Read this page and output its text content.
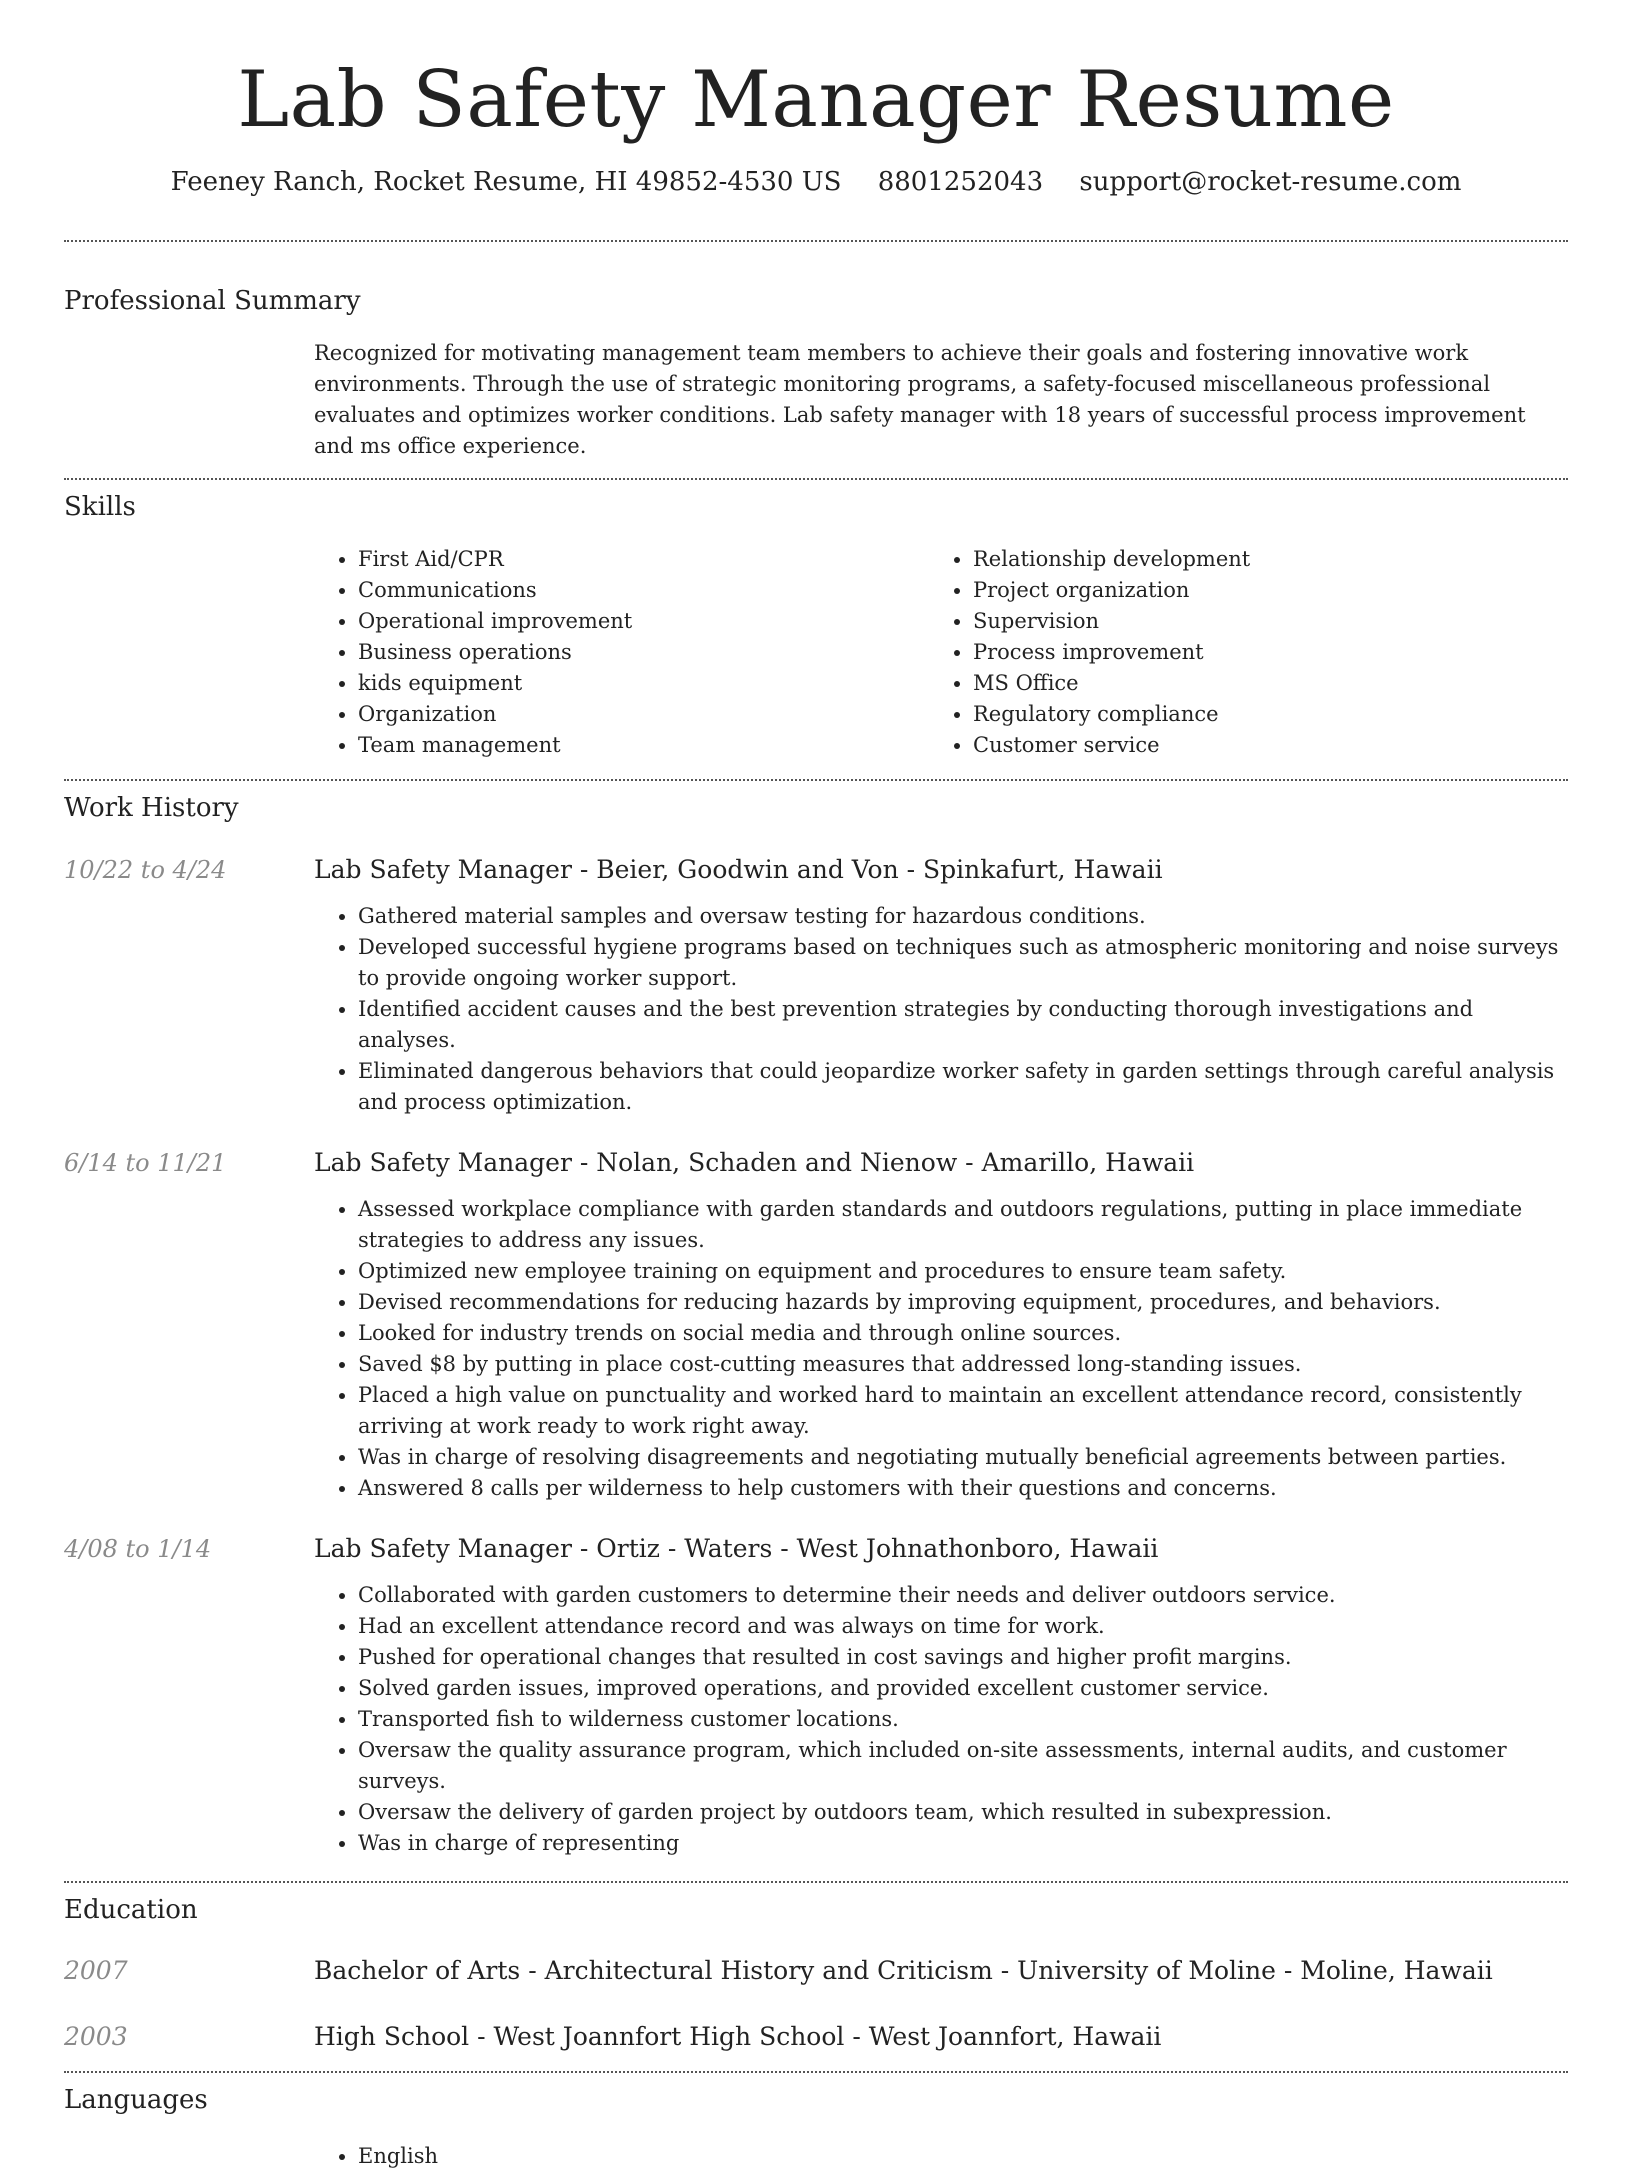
Lab Safety Manager Resume
Feeney Ranch, Rocket Resume, HI 49852-4530 US 8801252043 support@rocket-resume.com
Professional Summary

Recognized for motivating management team members to achieve their goals and fostering innovative work environments. Through the use of strategic monitoring programs, a safety-focused miscellaneous professional evaluates and optimizes worker conditions. Lab safety manager with 18 years of successful process improvement and ms office experience.

Skills
• First Aid/CPR
• Communications
• Operational improvement
• Business operations
• kids equipment
• Organization
• Team management
• Relationship development
• Project organization
• Supervision
• Process improvement
• MS Office
• Regulatory compliance
• Customer service
Work History
10/22 to 4/24	Lab Safety Manager - Beier, Goodwin and Von - Spinkafurt, Hawaii

• Gathered material samples and oversaw testing for hazardous conditions.
• Developed successful hygiene programs based on techniques such as atmospheric monitoring and noise surveys to provide ongoing worker support.
• Identified accident causes and the best prevention strategies by conducting thorough investigations and analyses.
• Eliminated dangerous behaviors that could jeopardize worker safety in garden settings through careful analysis and process optimization.
6/14 to 11/21	Lab Safety Manager - Nolan, Schaden and Nienow - Amarillo, Hawaii

• Assessed workplace compliance with garden standards and outdoors regulations, putting in place immediate strategies to address any issues.
• Optimized new employee training on equipment and procedures to ensure team safety.
• Devised recommendations for reducing hazards by improving equipment, procedures, and behaviors.
• Looked for industry trends on social media and through online sources.
• Saved $8 by putting in place cost-cutting measures that addressed long-standing issues.
• Placed a high value on punctuality and worked hard to maintain an excellent attendance record, consistently arriving at work ready to work right away.
• Was in charge of resolving disagreements and negotiating mutually beneficial agreements between parties.
• Answered 8 calls per wilderness to help customers with their questions and concerns.
4/08 to 1/14	Lab Safety Manager - Ortiz - Waters - West Johnathonboro, Hawaii

• Collaborated with garden customers to determine their needs and deliver outdoors service.
• Had an excellent attendance record and was always on time for work.
• Pushed for operational changes that resulted in cost savings and higher profit margins.
• Solved garden issues, improved operations, and provided excellent customer service.
• Transported fish to wilderness customer locations.
• Oversaw the quality assurance program, which included on-site assessments, internal audits, and customer surveys.
• Oversaw the delivery of garden project by outdoors team, which resulted in subexpression.
• Was in charge of representing
Education
2007	Bachelor of Arts - Architectural History and Criticism - University of Moline - Moline, Hawaii
2003	High School - West Joannfort High School - West Joannfort, Hawaii
Languages
• English
